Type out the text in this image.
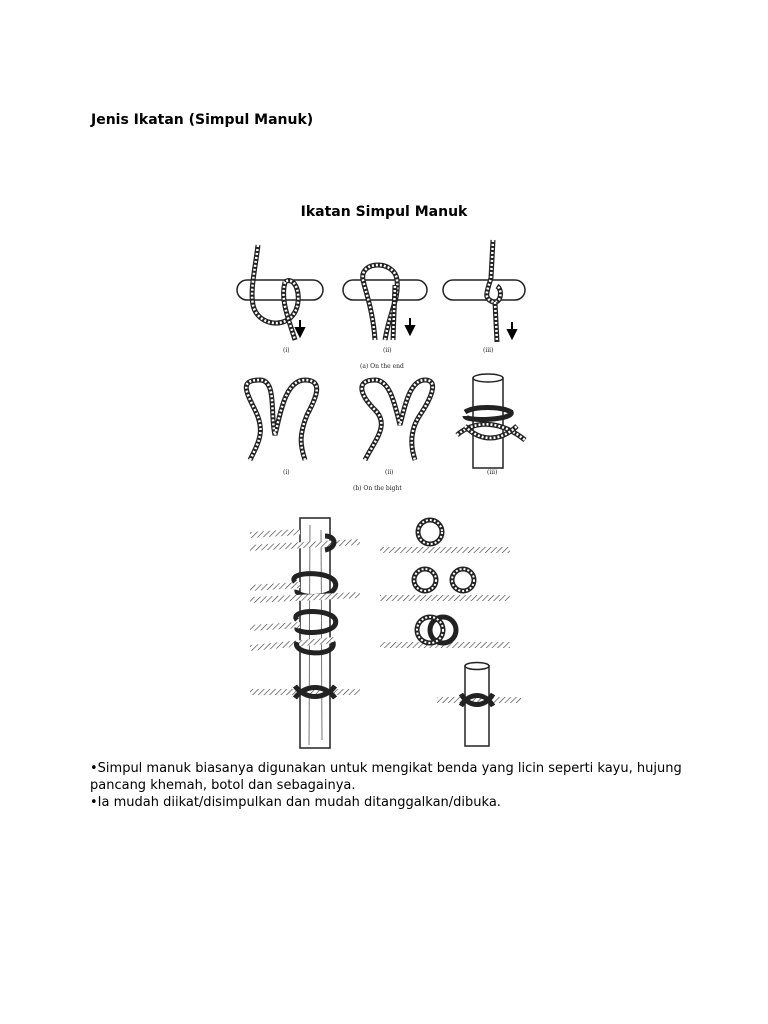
Jenis Ikatan (Simpul Manuk)
Ikatan Simpul Manuk
(i)	(ii)	(iii)
(a) On the end
(i)	(ii)	(iii)
(b) On the bight

•Simpul manuk biasanya digunakan untuk mengikat benda yang licin seperti kayu, hujung pancang khemah, botol dan sebagainya.

•Ia mudah diikat/disimpulkan dan mudah ditanggalkan/dibuka.
